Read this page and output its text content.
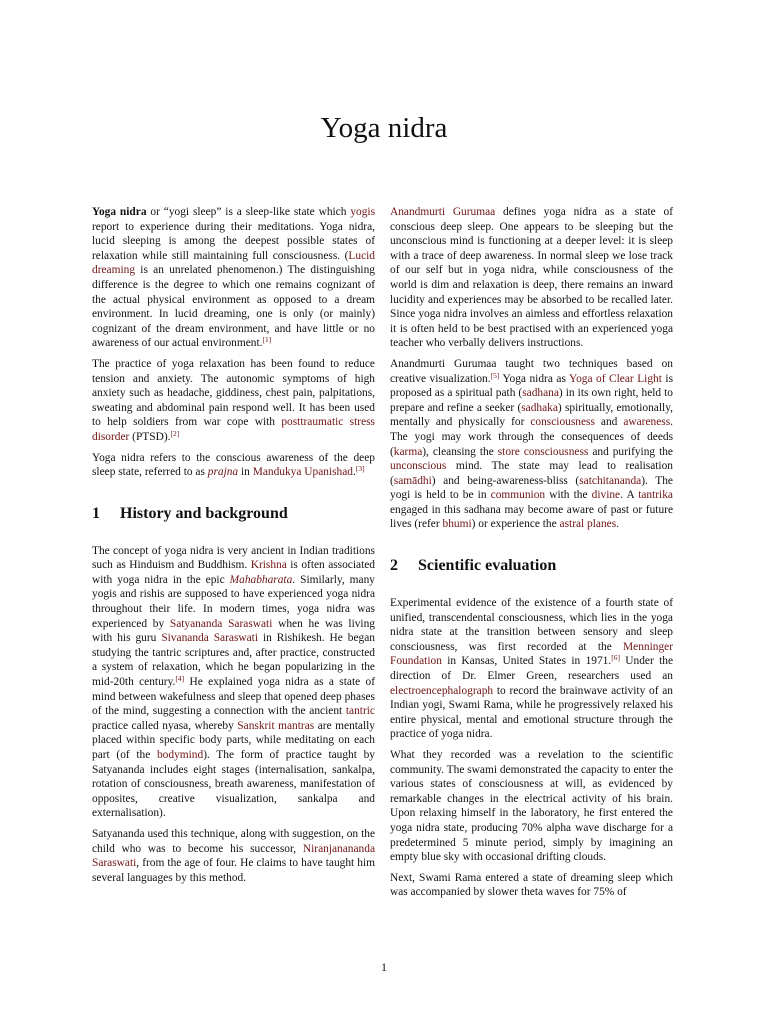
Yoga nidra

Yoga nidra or “yogi sleep” is a sleep-like state which yogis report to experience during their meditations. Yoga nidra, lucid sleeping is among the deepest possible states of relaxation while still maintaining full consciousness. (Lucid dreaming is an unrelated phenomenon.) The distinguishing difference is the degree to which one remains cognizant of the actual physical environment as opposed to a dream environment. In lucid dreaming, one is only (or mainly) cognizant of the dream environment, and have little or no awareness of our actual environment.[1]

The practice of yoga relaxation has been found to reduce tension and anxiety. The autonomic symptoms of high anxiety such as headache, giddiness, chest pain, palpitations, sweating and abdominal pain respond well. It has been used to help soldiers from war cope with posttraumatic stress disorder (PTSD).[2]

Yoga nidra refers to the conscious awareness of the deep sleep state, referred to as prajna in Mandukya Upanishad.[3]

1 History and background

The concept of yoga nidra is very ancient in Indian traditions such as Hinduism and Buddhism. Krishna is often associated with yoga nidra in the epic Mahabharata. Similarly, many yogis and rishis are supposed to have experienced yoga nidra throughout their life. In modern times, yoga nidra was experienced by Satyananda Saraswati when he was living with his guru Sivananda Saraswati in Rishikesh. He began studying the tantric scriptures and, after practice, constructed a system of relaxation, which he began popularizing in the mid-20th century.[4] He explained yoga nidra as a state of mind between wakefulness and sleep that opened deep phases of the mind, suggesting a connection with the ancient tantric practice called nyasa, whereby Sanskrit mantras are mentally placed within specific body parts, while meditating on each part (of the bodymind). The form of practice taught by Satyananda includes eight stages (internalisation, sankalpa, rotation of consciousness, breath awareness, manifestation of opposites, creative visualization, sankalpa and externalisation).

Satyananda used this technique, along with suggestion, on the child who was to become his successor, Niranjanananda Saraswati, from the age of four. He claims to have taught him several languages by this method.

Anandmurti Gurumaa defines yoga nidra as a state of conscious deep sleep. One appears to be sleeping but the unconscious mind is functioning at a deeper level: it is sleep with a trace of deep awareness. In normal sleep we lose track of our self but in yoga nidra, while consciousness of the world is dim and relaxation is deep, there remains an inward lucidity and experiences may be absorbed to be recalled later. Since yoga nidra involves an aimless and effortless relaxation it is often held to be best practised with an experienced yoga teacher who verbally delivers instructions.

Anandmurti Gurumaa taught two techniques based on creative visualization.[5] Yoga nidra as Yoga of Clear Light is proposed as a spiritual path (sadhana) in its own right, held to prepare and refine a seeker (sadhaka) spiritually, emotionally, mentally and physically for consciousness and awareness. The yogi may work through the consequences of deeds (karma), cleansing the store consciousness and purifying the unconscious mind. The state may lead to realisation (samādhi) and being-awareness-bliss (satchitananda). The yogi is held to be in communion with the divine. A tantrika engaged in this sadhana may become aware of past or future lives (refer bhumi) or experience the astral planes.

2 Scientific evaluation

Experimental evidence of the existence of a fourth state of unified, transcendental consciousness, which lies in the yoga nidra state at the transition between sensory and sleep consciousness, was first recorded at the Menninger Foundation in Kansas, United States in 1971.[6] Under the direction of Dr. Elmer Green, researchers used an electroencephalograph to record the brainwave activity of an Indian yogi, Swami Rama, while he progressively relaxed his entire physical, mental and emotional structure through the practice of yoga nidra.

What they recorded was a revelation to the scientific community. The swami demonstrated the capacity to enter the various states of consciousness at will, as evidenced by remarkable changes in the electrical activity of his brain. Upon relaxing himself in the laboratory, he first entered the yoga nidra state, producing 70% alpha wave discharge for a predetermined 5 minute period, simply by imagining an empty blue sky with occasional drifting clouds.

Next, Swami Rama entered a state of dreaming sleep which was accompanied by slower theta waves for 75% of

1
